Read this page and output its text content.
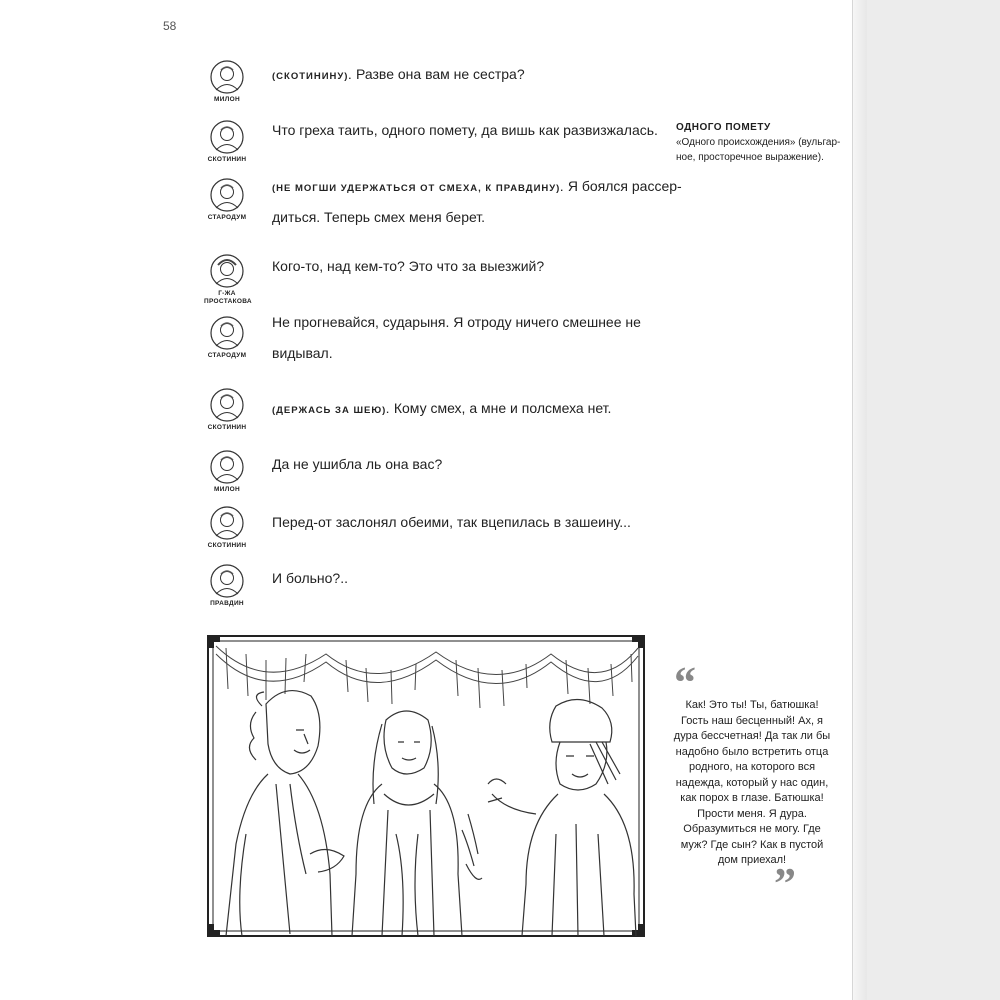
58
МИЛОН
(СКОТИНИНУ). Разве она вам не сестра?
СКОТИНИН
Что греха таить, одного помету, да вишь как развизжалась.
СТАРОДУМ
(НЕ МОГШИ УДЕРЖАТЬСЯ ОТ СМЕХА, К ПРАВДИНУ). Я боялся рассер-диться. Теперь смех меня берет.
Г-ЖА ПРОСТАКОВА
Кого-то, над кем-то? Это что за выезжий?
СТАРОДУМ
Не прогневайся, сударыня. Я отроду ничего смешнее не видывал.
СКОТИНИН
(ДЕРЖАСЬ ЗА ШЕЮ). Кому смех, а мне и полсмеха нет.
МИЛОН
Да не ушибла ль она вас?
СКОТИНИН
Перед-от заслонял обеими, так вцепилась в зашеину...
ПРАВДИН
И больно?..
ОДНОГО ПОМЕТУ
«Одного происхождения» (вульгар-ное, просторечное выражение).
“
Как! Это ты! Ты, батюшка! Гость наш бесценный! Ах, я дура бессчетная! Да так ли бы надобно было встретить отца родного, на которого вся надежда, который у нас один, как порох в глазе. Батюшка! Прости меня. Я дура. Образумиться не могу. Где муж? Где сын? Как в пустой дом приехал!
”
